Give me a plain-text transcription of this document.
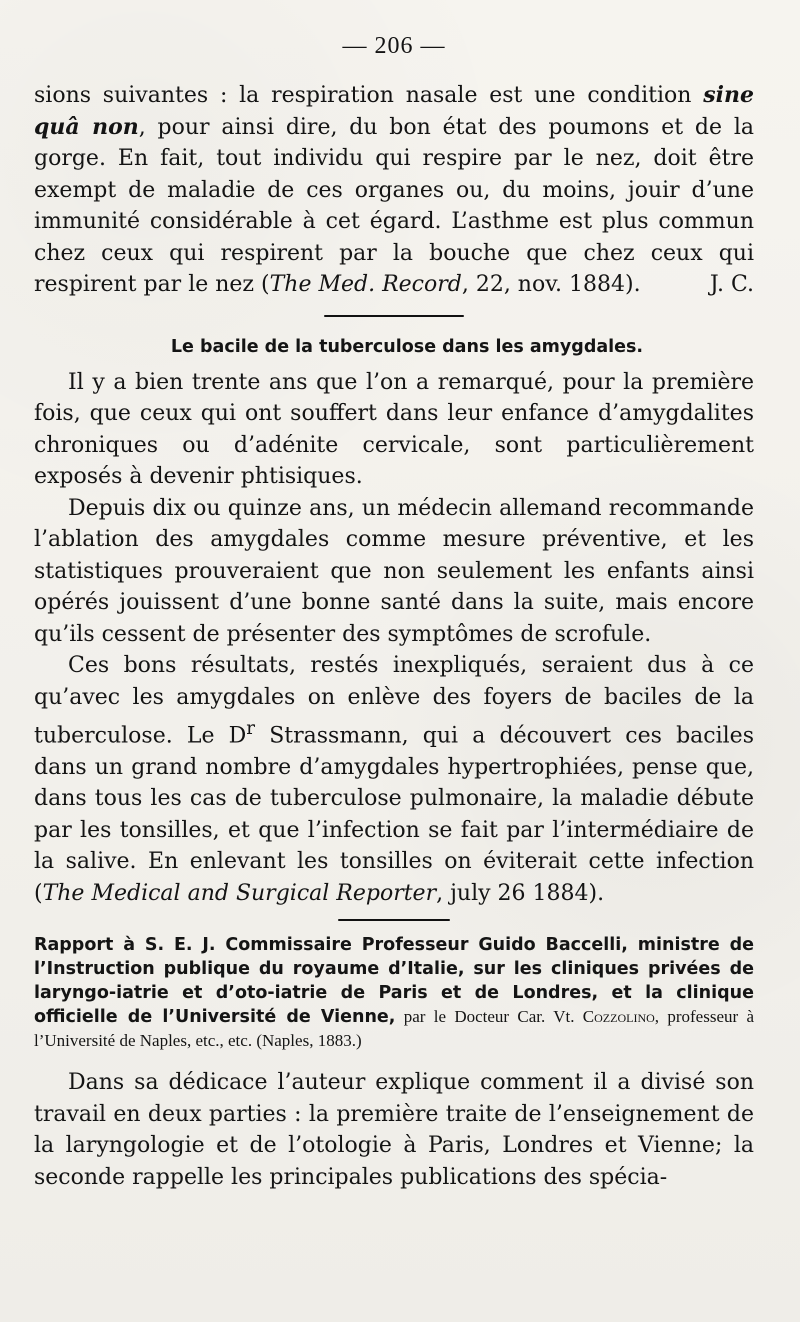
— 206 —

sions suivantes : la respiration nasale est une condition sine quâ non, pour ainsi dire, du bon état des poumons et de la gorge. En fait, tout individu qui respire par le nez, doit être exempt de maladie de ces organes ou, du moins, jouir d’une immunité considérable à cet égard. L’asthme est plus commun chez ceux qui respirent par la bouche que chez ceux qui respirent par le nez (The Med. Record, 22, nov. 1884).	J. C.

Le bacile de la tuberculose dans les amygdales.

Il y a bien trente ans que l’on a remarqué, pour la première fois, que ceux qui ont souffert dans leur enfance d’amygdalites chroniques ou d’adénite cervicale, sont particulièrement exposés à devenir phtisiques.

Depuis dix ou quinze ans, un médecin allemand recommande l’ablation des amygdales comme mesure préventive, et les statistiques prouveraient que non seulement les enfants ainsi opérés jouissent d’une bonne santé dans la suite, mais encore qu’ils cessent de présenter des symptômes de scrofule.

Ces bons résultats, restés inexpliqués, seraient dus à ce qu’avec les amygdales on enlève des foyers de baciles de la tuberculose. Le $D^r$ Strassmann, qui a découvert ces baciles dans un grand nombre d’amygdales hypertrophiées, pense que, dans tous les cas de tuberculose pulmonaire, la maladie débute par les tonsilles, et que l’infection se fait par l’intermédiaire de la salive. En enlevant les tonsilles on éviterait cette infection (The Medical and Surgical Reporter, july 26 1884).

Rapport à S. E. J. Commissaire Professeur Guido Baccelli, ministre de l’Instruction publique du royaume d’Italie, sur les cliniques privées de laryngo-iatrie et d’oto-iatrie de Paris et de Londres, et la clinique officielle de l’Université de Vienne, par le Docteur Car. Vt. Cozzolino, professeur à l’Université de Naples, etc., etc. (Naples, 1883.)

Dans sa dédicace l’auteur explique comment il a divisé son travail en deux parties : la première traite de l’enseignement de la laryngologie et de l’otologie à Paris, Londres et Vienne; la seconde rappelle les principales publications des spécia-
